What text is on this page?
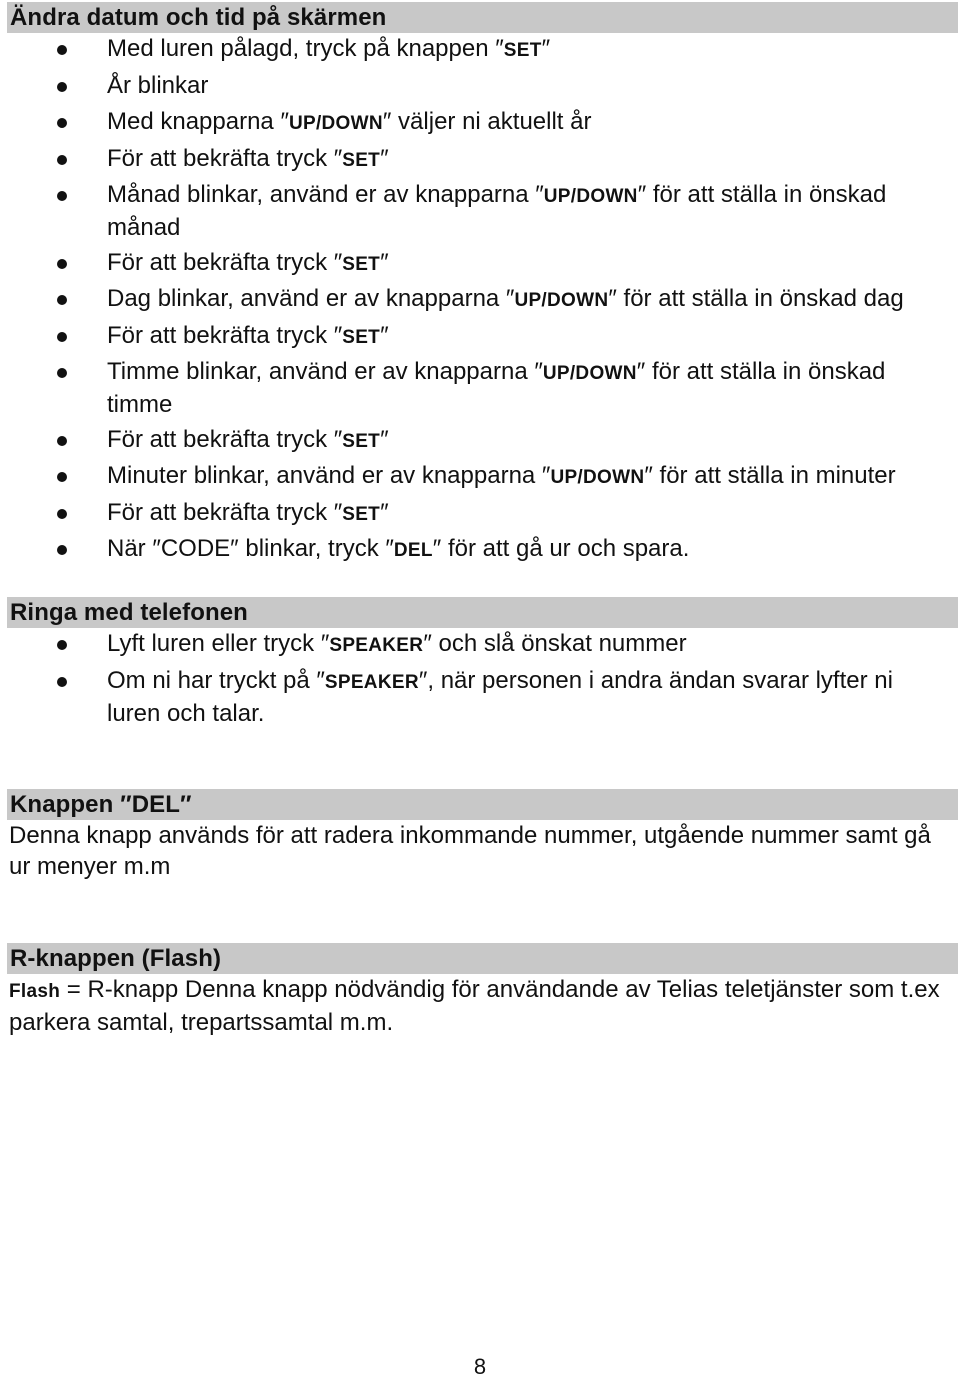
Ändra datum och tid på skärmen
Med luren pålagd, tryck på knappen ″SET″
År blinkar
Med knapparna ″UP/DOWN″ väljer ni aktuellt år
För att bekräfta tryck ″SET″
Månad blinkar, använd er av knapparna ″UP/DOWN″ för att ställa in önskad månad
För att bekräfta tryck ″SET″
Dag blinkar, använd er av knapparna ″UP/DOWN″ för att ställa in önskad dag
För att bekräfta tryck ″SET″
Timme blinkar, använd er av knapparna ″UP/DOWN″ för att ställa in önskad timme
För att bekräfta tryck ″SET″
Minuter blinkar, använd er av knapparna ″UP/DOWN″ för att ställa in minuter
För att bekräfta tryck ″SET″
När ″CODE″ blinkar, tryck ″DEL″ för att gå ur och spara.
Ringa med telefonen
Lyft luren eller tryck ″SPEAKER″ och slå önskat nummer
Om ni har tryckt på ″SPEAKER″, när personen i andra ändan svarar lyfter ni luren och talar.
Knappen ″DEL″
Denna knapp används för att radera inkommande nummer, utgående nummer samt gå ur menyer m.m
R-knappen (Flash)
Flash = R-knapp Denna knapp nödvändig för användande av Telias teletjänster som t.ex parkera samtal, trepartssamtal m.m.
8
